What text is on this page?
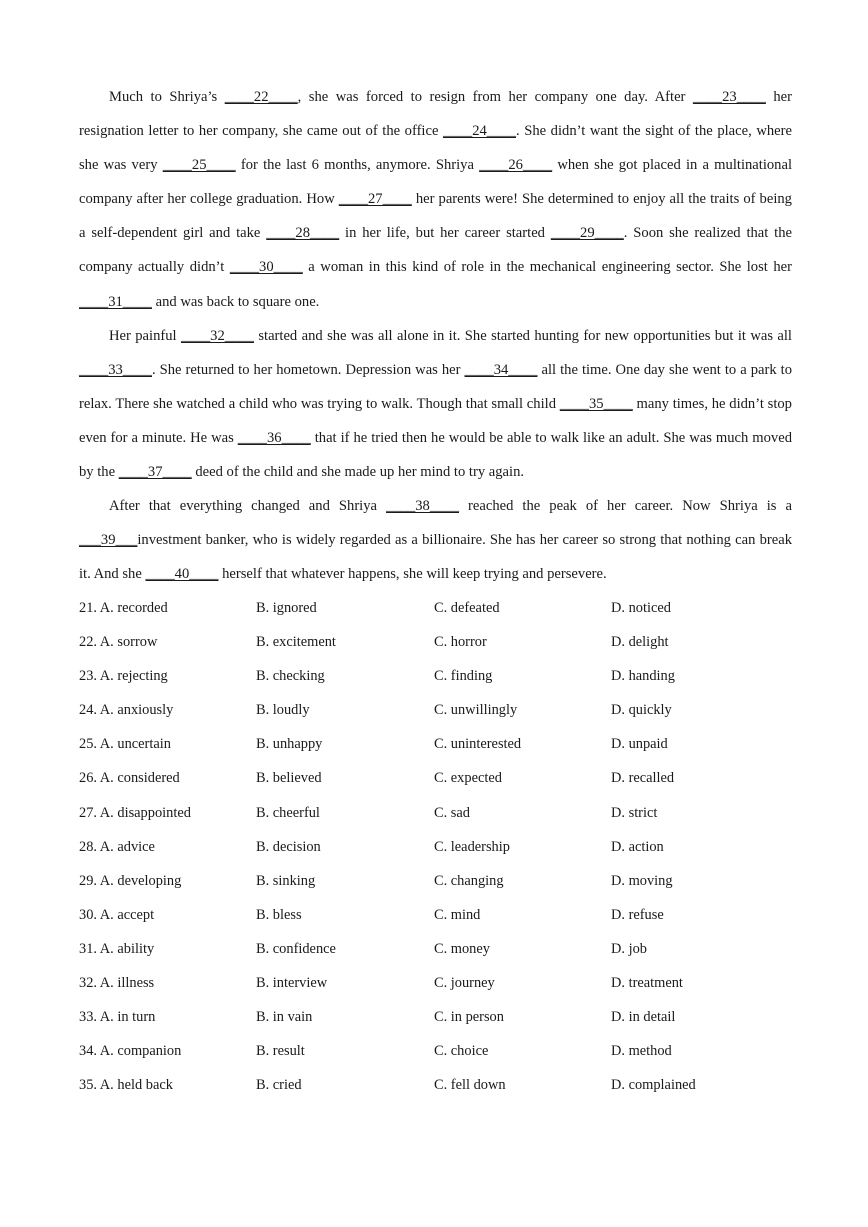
Much to Shriya’s ____22____, she was forced to resign from her company one day. After ____23____ her resignation letter to her company, she came out of the office ____24____. She didn’t want the sight of the place, where she was very ____25____ for the last 6 months, anymore. Shriya ____26____ when she got placed in a multinational company after her college graduation. How ____27____ her parents were! She determined to enjoy all the traits of being a self-dependent girl and take ____28____ in her life, but her career started ____29____. Soon she realized that the company actually didn’t ____30____ a woman in this kind of role in the mechanical engineering sector. She lost her ____31____ and was back to square one.

Her painful ____32____ started and she was all alone in it. She started hunting for new opportunities but it was all ____33____. She returned to her hometown. Depression was her ____34____ all the time. One day she went to a park to relax. There she watched a child who was trying to walk. Though that small child ____35____ many times, he didn’t stop even for a minute. He was ____36____ that if he tried then he would be able to walk like an adult. She was much moved by the ____37____ deed of the child and she made up her mind to try again.

After that everything changed and Shriya ____38____ reached the peak of her career. Now Shriya is a ___39___investment banker, who is widely regarded as a billionaire. She has her career so strong that nothing can break it. And she ____40____ herself that whatever happens, she will keep trying and persevere.

21. A. recorded	B. ignored	C. defeated	D. noticed
22. A. sorrow	B. excitement	C. horror	D. delight
23. A. rejecting	B. checking	C. finding	D. handing
24. A. anxiously	B. loudly	C. unwillingly	D. quickly
25. A. uncertain	B. unhappy	C. uninterested	D. unpaid
26. A. considered	B. believed	C. expected	D. recalled
27. A. disappointed	B. cheerful	C. sad	D. strict
28. A. advice	B. decision	C. leadership	D. action
29. A. developing	B. sinking	C. changing	D. moving
30. A. accept	B. bless	C. mind	D. refuse
31. A. ability	B. confidence	C. money	D. job
32. A. illness	B. interview	C. journey	D. treatment
33. A. in turn	B. in vain	C. in person	D. in detail
34. A. companion	B. result	C. choice	D. method
35. A. held back	B. cried	C. fell down	D. complained
